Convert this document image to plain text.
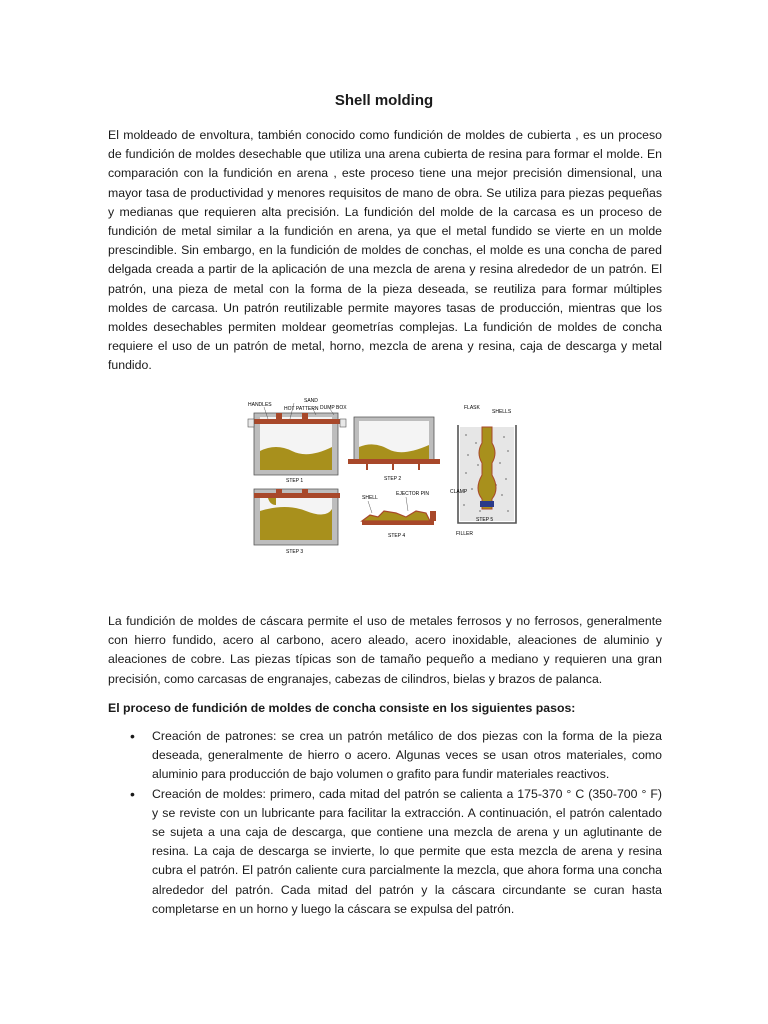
Shell molding
El moldeado de envoltura, también conocido como fundición de moldes de cubierta , es un proceso de fundición de moldes desechable que utiliza una arena cubierta de resina para formar el molde. En comparación con la fundición en arena , este proceso tiene una mejor precisión dimensional, una mayor tasa de productividad y menores requisitos de mano de obra. Se utiliza para piezas pequeñas y medianas que requieren alta precisión. La fundición del molde de la carcasa es un proceso de fundición de metal similar a la fundición en arena, ya que el metal fundido se vierte en un molde prescindible. Sin embargo, en la fundición de moldes de conchas, el molde es una concha de pared delgada creada a partir de la aplicación de una mezcla de arena y resina alrededor de un patrón. El patrón, una pieza de metal con la forma de la pieza deseada, se reutiliza para formar múltiples moldes de carcasa. Un patrón reutilizable permite mayores tasas de producción, mientras que los moldes desechables permiten moldear geometrías complejas. La fundición de moldes de concha requiere el uso de un patrón de metal, horno, mezcla de arena y resina, caja de descarga y metal fundido.
HANDLES
SAND
HOT PATTERN DUMP BOX
STEP 1	STEP 2
STEP 3
SHELL
EJECTOR PIN
STEP 4
FLASK
SHELLS
CLAMP
STEP 5
FILLER
La fundición de moldes de cáscara permite el uso de metales ferrosos y no ferrosos, generalmente con hierro fundido, acero al carbono, acero aleado, acero inoxidable, aleaciones de aluminio y aleaciones de cobre. Las piezas típicas son de tamaño pequeño a mediano y requieren una gran precisión, como carcasas de engranajes, cabezas de cilindros, bielas y brazos de palanca.
El proceso de fundición de moldes de concha consiste en los siguientes pasos:
• Creación de patrones: se crea un patrón metálico de dos piezas con la forma de la pieza deseada, generalmente de hierro o acero. Algunas veces se usan otros materiales, como aluminio para producción de bajo volumen o grafito para fundir materiales reactivos.
• Creación de moldes: primero, cada mitad del patrón se calienta a 175-370 ° C (350-700 ° F) y se reviste con un lubricante para facilitar la extracción. A continuación, el patrón calentado se sujeta a una caja de descarga, que contiene una mezcla de arena y un aglutinante de resina. La caja de descarga se invierte, lo que permite que esta mezcla de arena y resina cubra el patrón. El patrón caliente cura parcialmente la mezcla, que ahora forma una concha alrededor del patrón. Cada mitad del patrón y la cáscara circundante se curan hasta completarse en un horno y luego la cáscara se expulsa del patrón.
